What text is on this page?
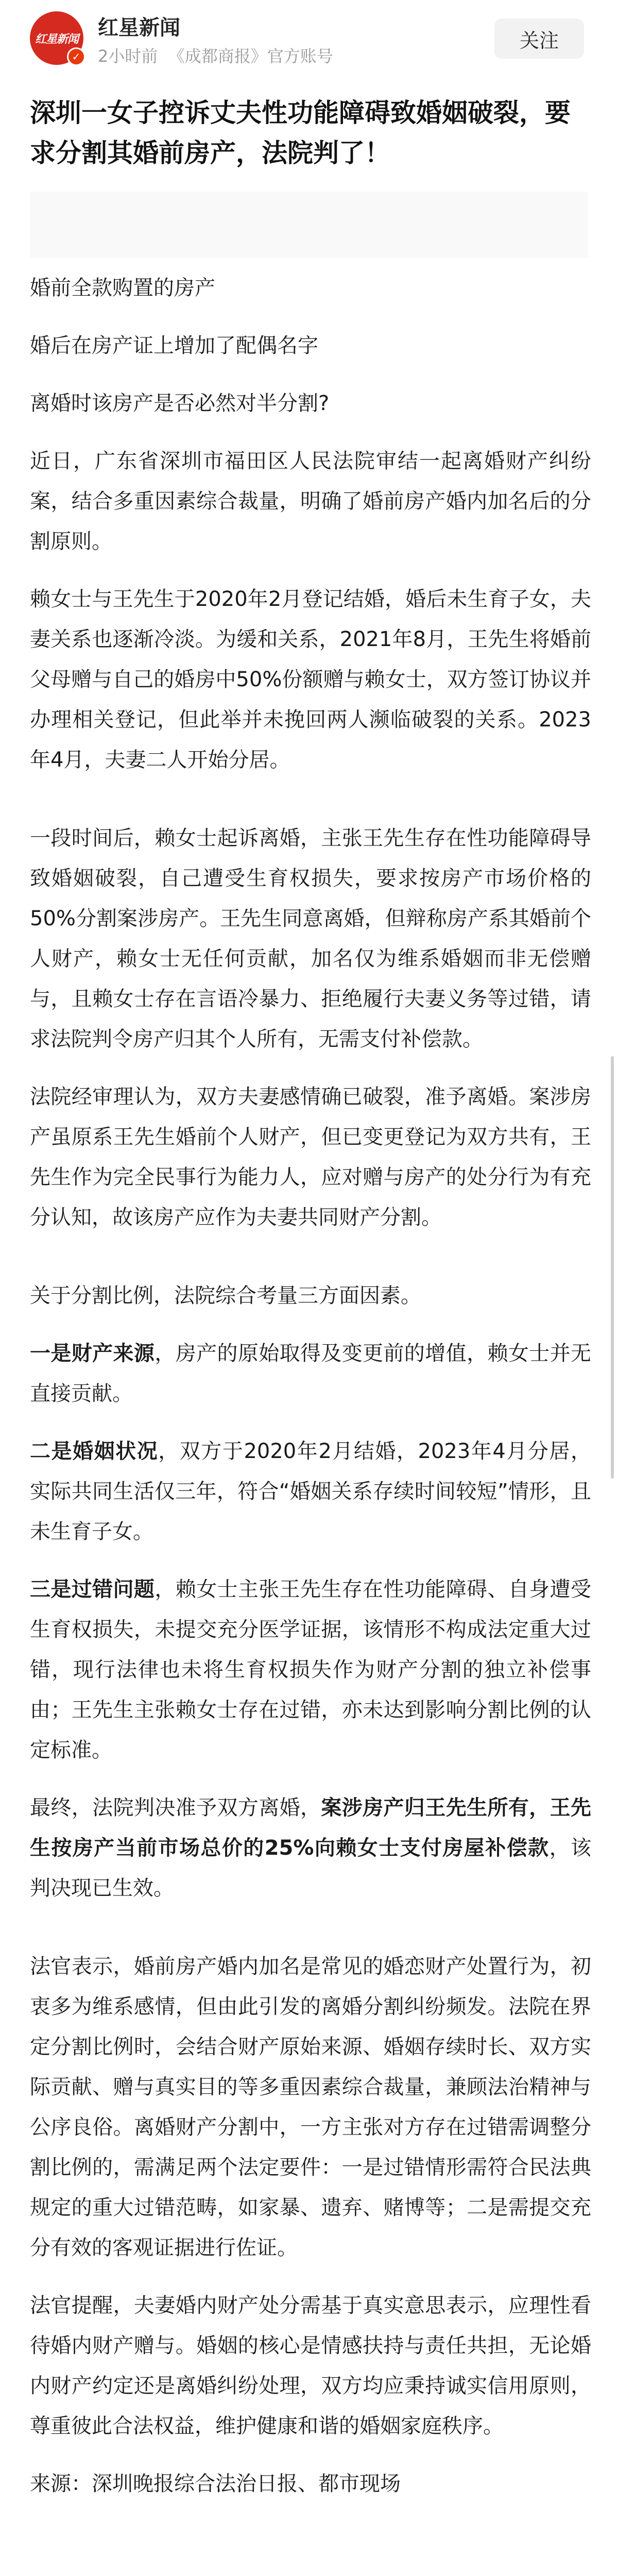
红星新闻
✓
红星新闻
2小时前 《成都商报》官方账号
关注
深圳一女子控诉丈夫性功能障碍致婚姻破裂，要求分割其婚前房产，法院判了！

婚前全款购置的房产

婚后在房产证上增加了配偶名字

离婚时该房产是否必然对半分割?

近日，广东省深圳市福田区人民法院审结一起离婚财产纠纷案，结合多重因素综合裁量，明确了婚前房产婚内加名后的分割原则。

赖女士与王先生于2020年2月登记结婚，婚后未生育子女，夫妻关系也逐渐冷淡。为缓和关系，2021年8月，王先生将婚前父母赠与自己的婚房中50%份额赠与赖女士，双方签订协议并办理相关登记，但此举并未挽回两人濒临破裂的关系。2023年4月，夫妻二人开始分居。

一段时间后，赖女士起诉离婚，主张王先生存在性功能障碍导致婚姻破裂，自己遭受生育权损失，要求按房产市场价格的50%分割案涉房产。王先生同意离婚，但辩称房产系其婚前个人财产，赖女士无任何贡献，加名仅为维系婚姻而非无偿赠与，且赖女士存在言语冷暴力、拒绝履行夫妻义务等过错，请求法院判令房产归其个人所有，无需支付补偿款。

法院经审理认为，双方夫妻感情确已破裂，准予离婚。案涉房产虽原系王先生婚前个人财产，但已变更登记为双方共有，王先生作为完全民事行为能力人，应对赠与房产的处分行为有充分认知，故该房产应作为夫妻共同财产分割。

关于分割比例，法院综合考量三方面因素。

一是财产来源，房产的原始取得及变更前的增值，赖女士并无直接贡献。

二是婚姻状况，双方于2020年2月结婚，2023年4月分居，实际共同生活仅三年，符合“婚姻关系存续时间较短”情形，且未生育子女。

三是过错问题，赖女士主张王先生存在性功能障碍、自身遭受生育权损失，未提交充分医学证据，该情形不构成法定重大过错，现行法律也未将生育权损失作为财产分割的独立补偿事由；王先生主张赖女士存在过错，亦未达到影响分割比例的认定标准。

最终，法院判决准予双方离婚，案涉房产归王先生所有，王先生按房产当前市场总价的25%向赖女士支付房屋补偿款，该判决现已生效。

法官表示，婚前房产婚内加名是常见的婚恋财产处置行为，初衷多为维系感情，但由此引发的离婚分割纠纷频发。法院在界定分割比例时，会结合财产原始来源、婚姻存续时长、双方实际贡献、赠与真实目的等多重因素综合裁量，兼顾法治精神与公序良俗。离婚财产分割中，一方主张对方存在过错需调整分割比例的，需满足两个法定要件：一是过错情形需符合民法典规定的重大过错范畴，如家暴、遗弃、赌博等；二是需提交充分有效的客观证据进行佐证。

法官提醒，夫妻婚内财产处分需基于真实意思表示，应理性看待婚内财产赠与。婚姻的核心是情感扶持与责任共担，无论婚内财产约定还是离婚纠纷处理，双方均应秉持诚实信用原则，尊重彼此合法权益，维护健康和谐的婚姻家庭秩序。

来源：深圳晚报综合法治日报、都市现场
